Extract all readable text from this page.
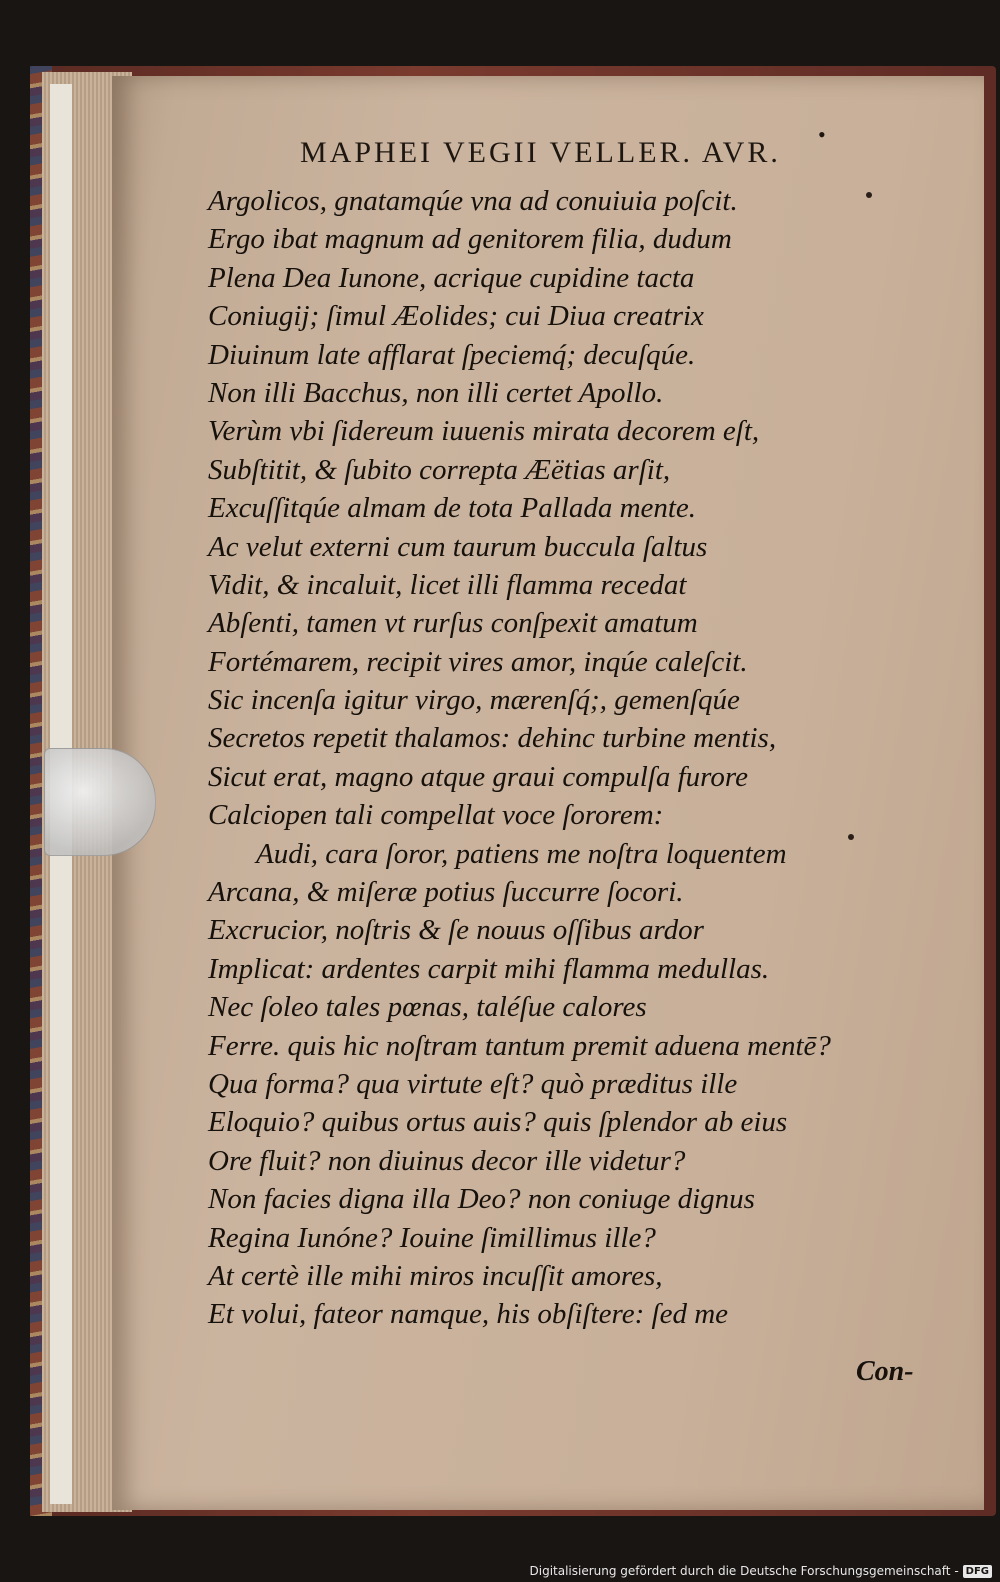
MAPHEI VEGII VELLER. AVR.
•
Argolicos, gnatamqúe vna ad conuiuia poſcit.
Ergo ibat magnum ad genitorem filia, dudum
Plena Dea Iunone, acrique cupidine tacta
Coniugij; ſimul Æolides; cui Diua creatrix
Diuinum late afflarat ſpeciemq́; decuſqúe.
Non illi Bacchus, non illi certet Apollo.
Verùm vbi ſidereum iuuenis mirata decorem eſt,
Subſtitit, & ſubito correpta Æëtias arſit,
Excuſſitqúe almam de tota Pallada mente.
Ac velut externi cum taurum buccula ſaltus
Vidit, & incaluit, licet illi flamma recedat
Abſenti, tamen vt rurſus conſpexit amatum
Fortémarem, recipit vires amor, inqúe caleſcit.
Sic incenſa igitur virgo, mærenſq́;, gemenſqúe
Secretos repetit thalamos: dehinc turbine mentis,
Sicut erat, magno atque graui compulſa furore
Calciopen tali compellat voce ſororem:
Audi, cara ſoror, patiens me noſtra loquentem
Arcana, & miſeræ potius ſuccurre ſocori.
Excrucior, noſtris & ſe nouus oſſibus ardor
Implicat: ardentes carpit mihi flamma medullas.
Nec ſoleo tales pœnas, taléſue calores
Ferre. quis hic noſtram tantum premit aduena mentē?
Qua forma? qua virtute eſt? quò præditus ille
Eloquio? quibus ortus auis? quis ſplendor ab eius
Ore fluit? non diuinus decor ille videtur?
Non facies digna illa Deo? non coniuge dignus
Regina Iunóne? Iouine ſimillimus ille?
At certè ille mihi miros incuſſit amores,
Et volui, fateor namque, his obſiſtere: ſed me
Con-
Digitalisierung gefördert durch die Deutsche Forschungsgemeinschaft - DFG
